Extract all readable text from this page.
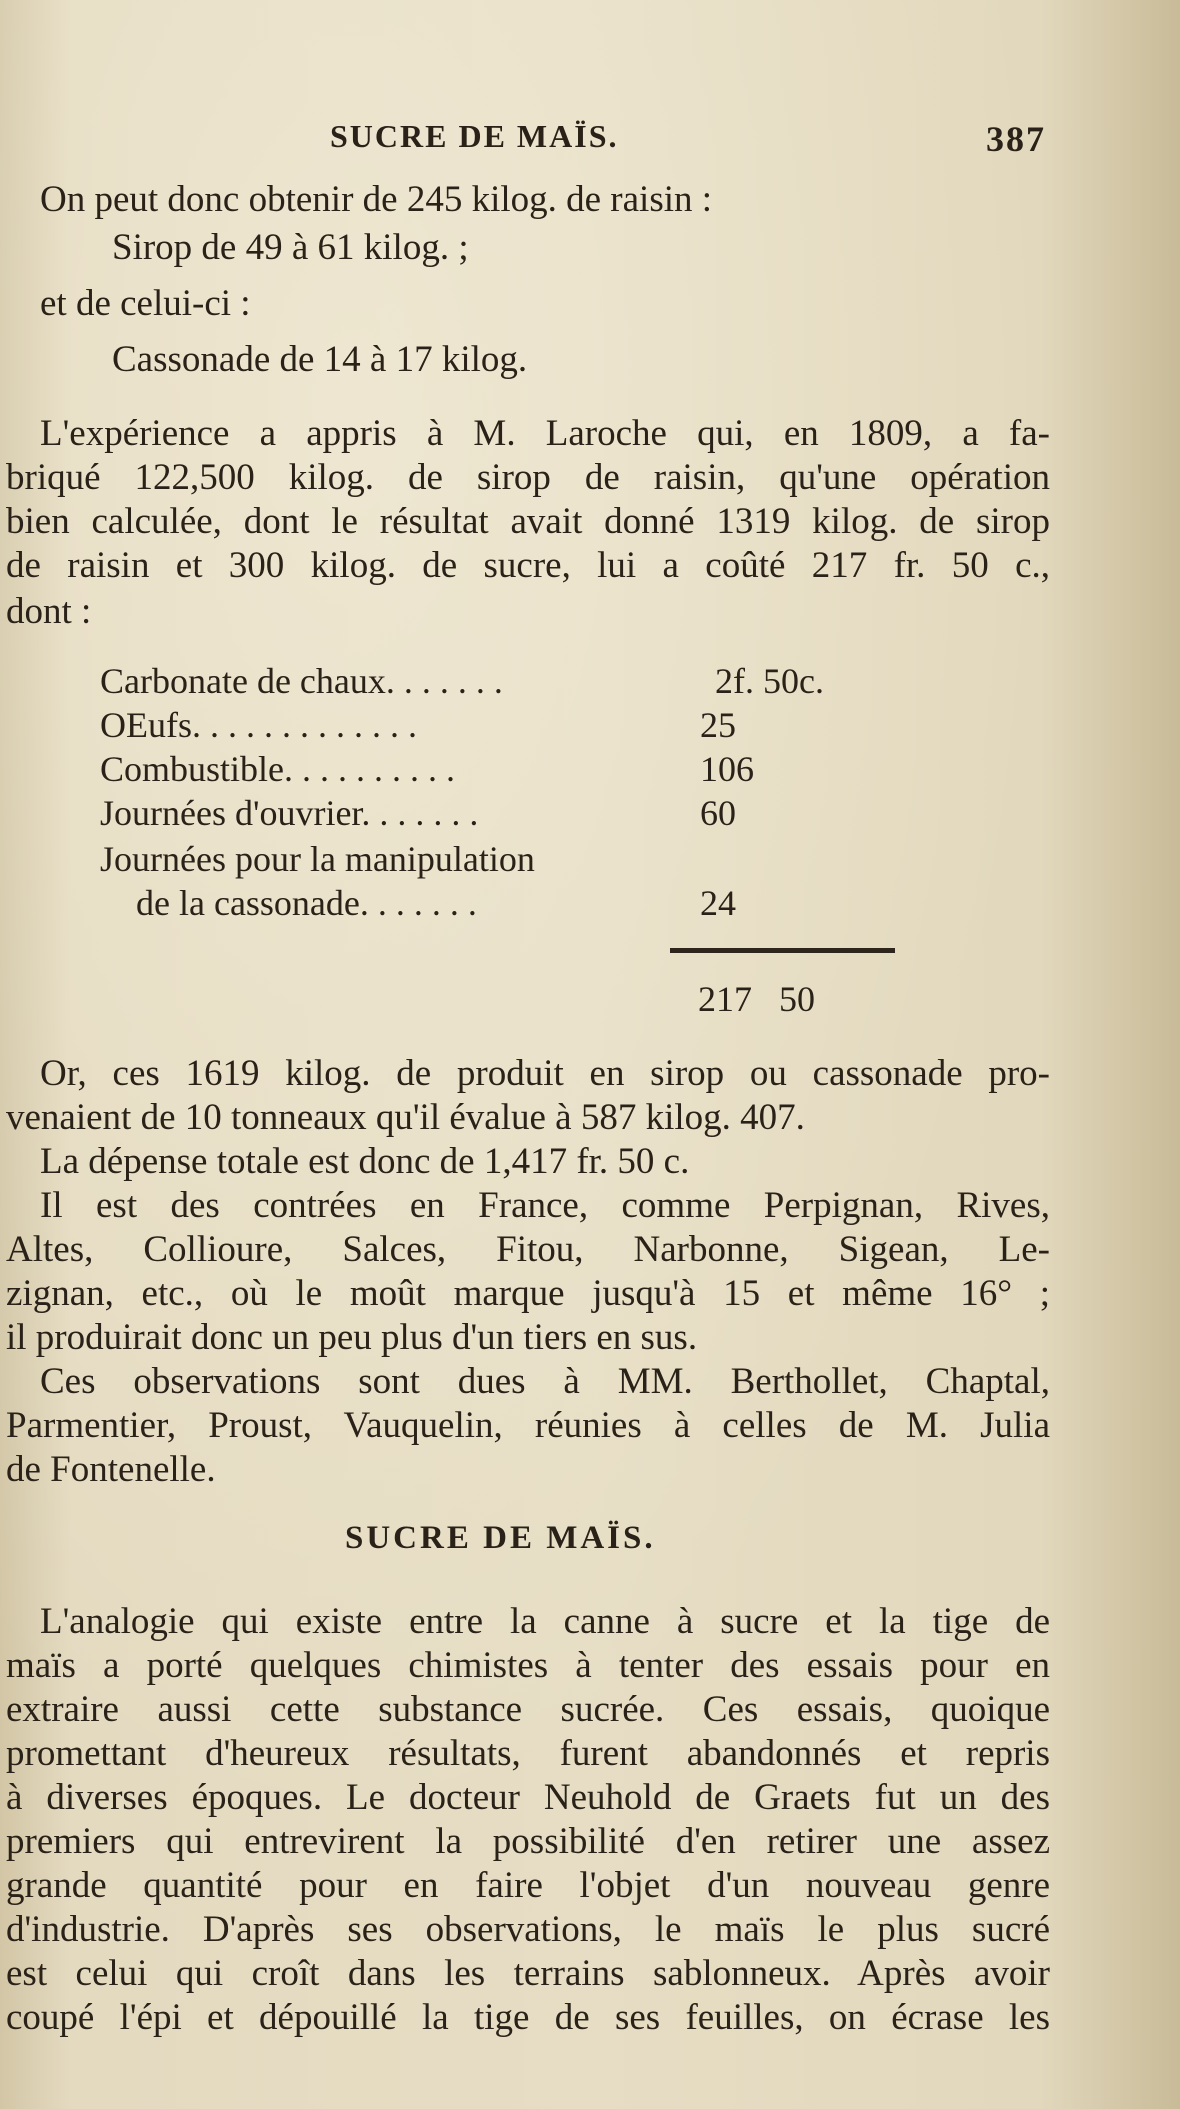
SUCRE DE MAÏS.	387
On peut donc obtenir de 245 kilog. de raisin :
Sirop de 49 à 61 kilog. ;
et de celui-ci :
Cassonade de 14 à 17 kilog.
L'expérience a appris à M. Laroche qui, en 1809, a fa-
briqué 122,500 kilog. de sirop de raisin, qu'une opération
bien calculée, dont le résultat avait donné 1319 kilog. de sirop
de raisin et 300 kilog. de sucre, lui a coûté 217 fr. 50 c.,
dont :
Carbonate de chaux. . . . . . .	2f. 50c.
OEufs. . . . . . . . . . . . .	25
Combustible. . . . . . . . . .	106
Journées d'ouvrier. . . . . . .	60
Journées pour la manipulation
de la cassonade. . . . . . .	24
217   50
Or, ces 1619 kilog. de produit en sirop ou cassonade pro-
venaient de 10 tonneaux qu'il évalue à 587 kilog. 407.
La dépense totale est donc de 1,417 fr. 50 c.
Il est des contrées en France, comme Perpignan, Rives,
Altes, Collioure, Salces, Fitou, Narbonne, Sigean, Le-
zignan, etc., où le moût marque jusqu'à 15 et même 16° ;
il produirait donc un peu plus d'un tiers en sus.
Ces observations sont dues à MM. Berthollet, Chaptal,
Parmentier, Proust, Vauquelin, réunies à celles de M. Julia
de Fontenelle.
SUCRE DE MAÏS.
L'analogie qui existe entre la canne à sucre et la tige de
maïs a porté quelques chimistes à tenter des essais pour en
extraire aussi cette substance sucrée. Ces essais, quoique
promettant d'heureux résultats, furent abandonnés et repris
à diverses époques. Le docteur Neuhold de Graets fut un des
premiers qui entrevirent la possibilité d'en retirer une assez
grande quantité pour en faire l'objet d'un nouveau genre
d'industrie. D'après ses observations, le maïs le plus sucré
est celui qui croît dans les terrains sablonneux. Après avoir
coupé l'épi et dépouillé la tige de ses feuilles, on écrase les
